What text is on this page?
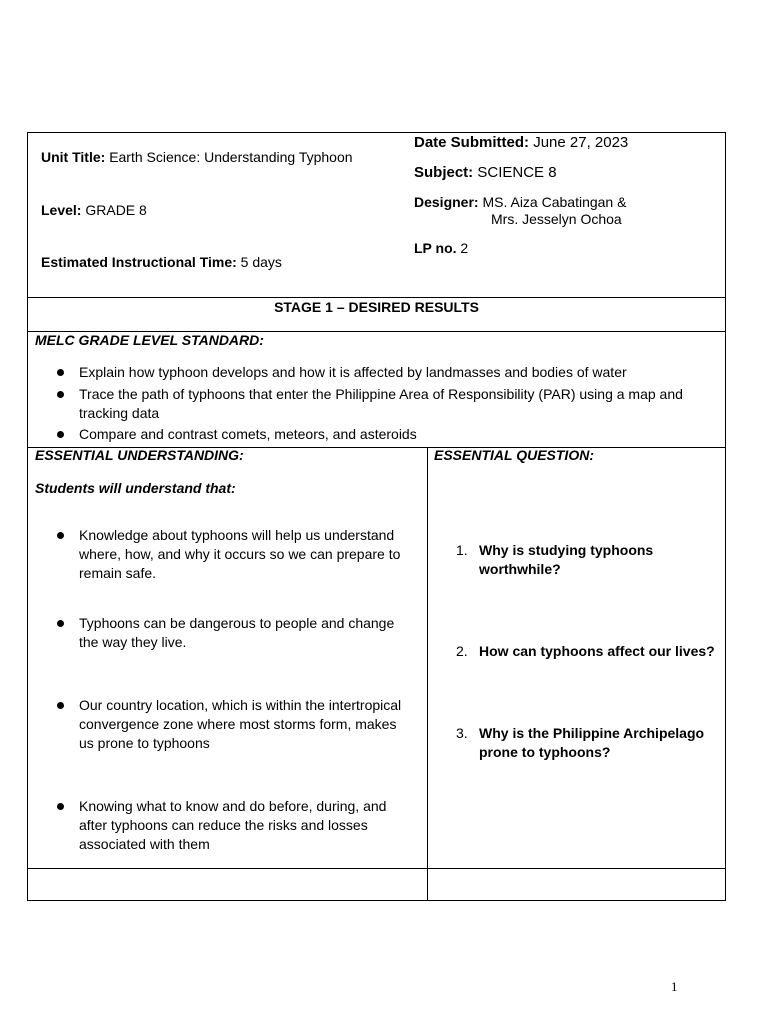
Unit Title: Earth Science: Understanding Typhoon
Level: GRADE 8
Estimated Instructional Time: 5 days
Date Submitted: June 27, 2023
Subject: SCIENCE 8
Designer: MS. Aiza Cabatingan &
Mrs. Jesselyn Ochoa
LP no. 2
STAGE 1 – DESIRED RESULTS
MELC GRADE LEVEL STANDARD:
Explain how typhoon develops and how it is affected by landmasses and bodies of water
Trace the path of typhoons that enter the Philippine Area of Responsibility (PAR) using a map and tracking data
Compare and contrast comets, meteors, and asteroids
ESSENTIAL UNDERSTANDING:
Students will understand that:
Knowledge about typhoons will help us understand where, how, and why it occurs so we can prepare to remain safe.
Typhoons can be dangerous to people and change the way they live.
Our country location, which is within the intertropical convergence zone where most storms form, makes us prone to typhoons
Knowing what to know and do before, during, and after typhoons can reduce the risks and losses associated with them
ESSENTIAL QUESTION:
1. Why is studying typhoons worthwhile?
2. How can typhoons affect our lives?
3. Why is the Philippine Archipelago prone to typhoons?
1
